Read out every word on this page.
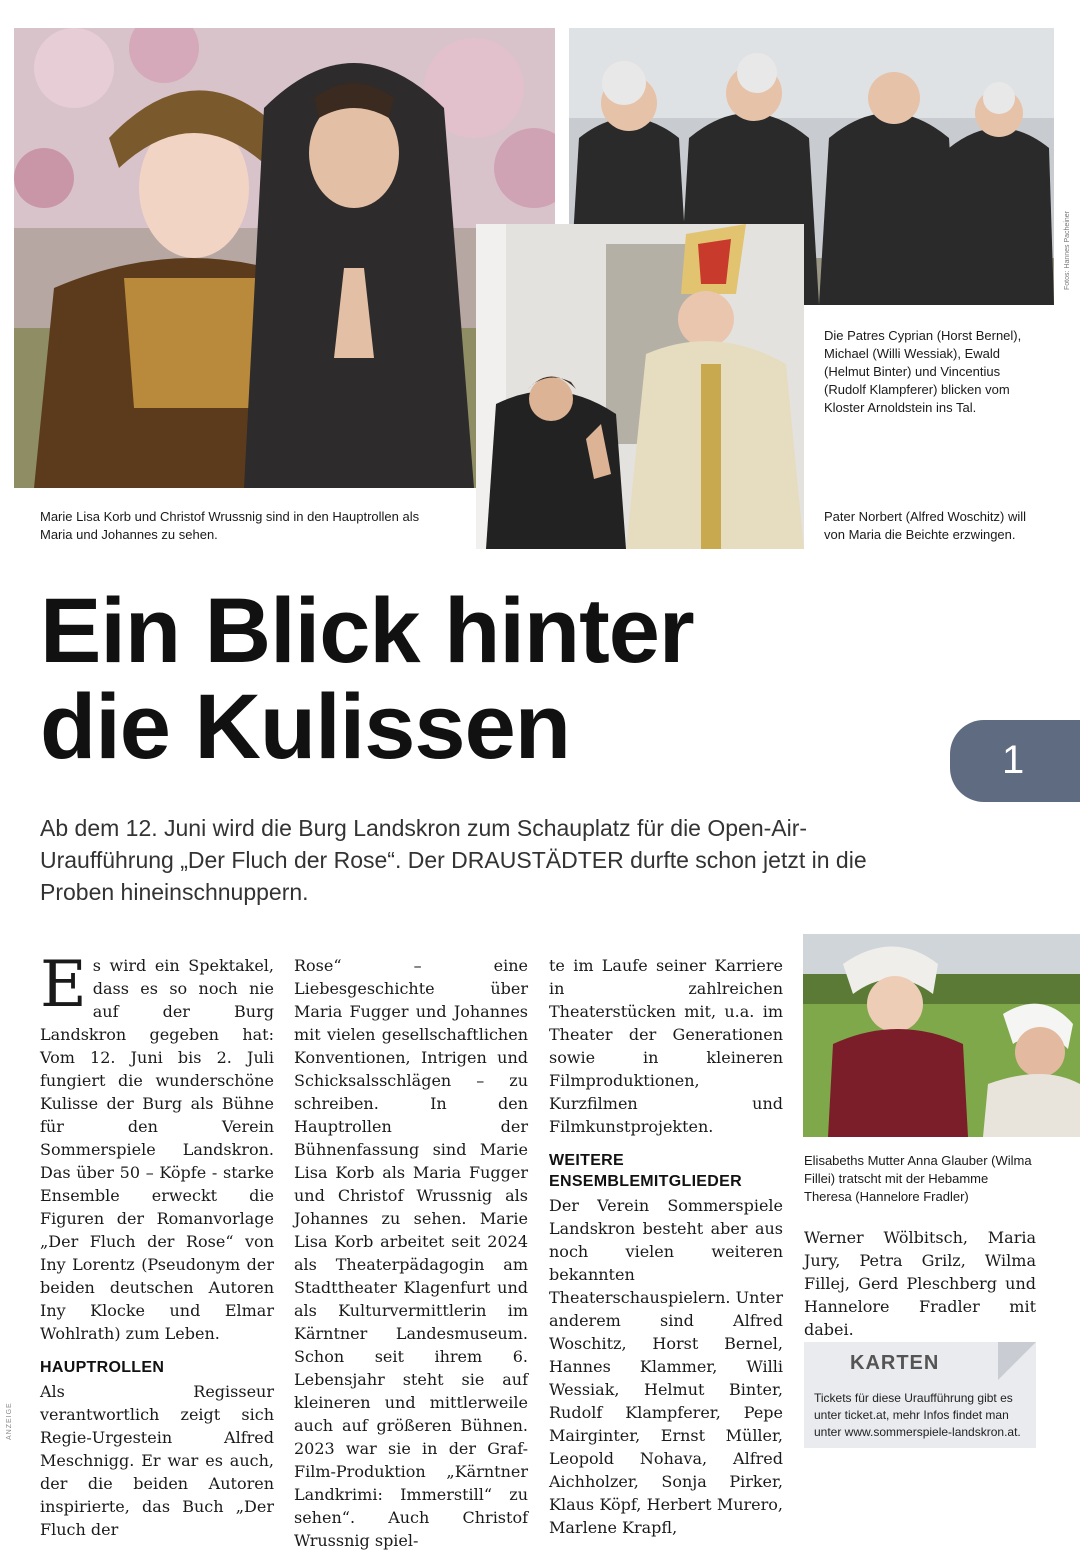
Fotos: Hannes Pacheiner
Marie Lisa Korb und Christof Wrussnig sind in den Hauptrollen als Maria und Johannes zu sehen.
Die Patres Cyprian (Horst Bernel), Michael (Willi Wessiak), Ewald (Helmut Binter) und Vincentius (Rudolf Klampferer) blicken vom Kloster Arnoldstein ins Tal.
Pater Norbert (Alfred Woschitz) will von Maria die Beichte erzwingen.
Ein Blick hinter
die Kulissen	1

Ab dem 12. Juni wird die Burg Landskron zum Schauplatz für die Open-Air-Uraufführung „Der Fluch der Rose“. Der DRAUSTÄDTER durfte schon jetzt in die Proben hineinschnuppern.

Es wird ein Spektakel, dass es so noch nie auf der Burg Landskron gegeben hat: Vom 12. Juni bis 2. Juli fungiert die wunderschöne Kulisse der Burg als Bühne für den Verein Sommerspiele Landskron. Das über 50 – Köpfe - starke Ensemble erweckt die Figuren der Romanvorlage „Der Fluch der Rose“ von Iny Lorentz (Pseudonym der beiden deutschen Autoren Iny Klocke und Elmar Wohlrath) zum Leben.

HAUPTROLLEN

Als Regisseur verantwortlich zeigt sich Regie-Urgestein Alfred Meschnigg. Er war es auch, der die beiden Autoren inspirierte, das Buch „Der Fluch der

Rose“ – eine Liebesgeschichte über Maria Fugger und Johannes mit vielen gesellschaftlichen Konventionen, Intrigen und Schicksalsschlägen – zu schreiben. In den Hauptrollen der Bühnenfassung sind Marie Lisa Korb als Maria Fugger und Christof Wrussnig als Johannes zu sehen. Marie Lisa Korb arbeitet seit 2024 als Theaterpädagogin am Stadttheater Klagenfurt und als Kulturvermittlerin im Kärntner Landesmuseum. Schon seit ihrem 6. Lebensjahr steht sie auf kleineren und mittlerweile auch auf größeren Bühnen. 2023 war sie in der Graf-Film-Produktion „Kärntner Landkrimi: Immerstill“ zu sehen“. Auch Christof Wrussnig spiel-

te im Laufe seiner Karriere in zahlreichen Theaterstücken mit, u.a. im Theater der Generationen sowie in kleineren Filmproduktionen, Kurzfilmen und Filmkunstprojekten.

WEITERE ENSEMBLEMITGLIEDER

Der Verein Sommerspiele Landskron besteht aber aus noch vielen weiteren bekannten Theaterschauspielern. Unter anderem sind Alfred Woschitz, Horst Bernel, Hannes Klammer, Willi Wessiak, Helmut Binter, Rudolf Klampferer, Pepe Mairginter, Ernst Müller, Leopold Nohava, Alfred Aichholzer, Sonja Pirker, Klaus Köpf, Herbert Murero, Marlene Krapfl,

Elisabeths Mutter Anna Glauber (Wilma Fillei) tratscht mit der Hebamme Theresa (Hannelore Fradler)
Werner Wölbitsch, Maria Jury, Petra Grilz, Wilma Fillej, Gerd Pleschberg und Hannelore Fradler mit dabei.
KARTEN
Tickets für diese Uraufführung gibt es unter ticket.at, mehr Infos findet man unter www.sommerspiele-landskron.at.
ANZEIGE
